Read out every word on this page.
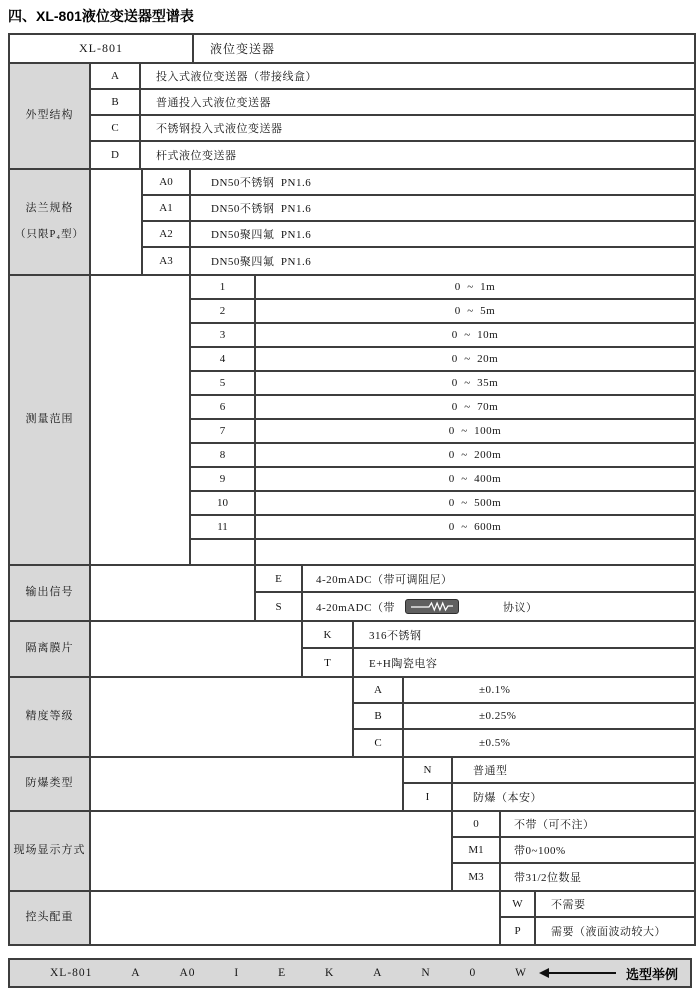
四、XL-801液位变送器型谱表
XL-801	液位变送器
外型结构
A	投入式液位变送器（带接线盒）
B	普通投入式液位变送器
C	不锈钢投入式液位变送器
D	杆式液位变送器
法兰规格
（只限P₄型）
A0	DN50不锈钢  PN1.6
A1	DN50不锈钢  PN1.6
A2	DN50聚四氟  PN1.6
A3	DN50聚四氟  PN1.6
测量范围
1	0  ~  1m
2	0  ~  5m
3	0  ~  10m
4	0  ~  20m
5	0  ~  35m
6	0  ~  70m
7	0  ~  100m
8	0  ~  200m
9	0  ~  400m
10	0  ~  500m
11	0  ~  600m
输出信号
E	4-20mADC（带可调阻尼）
S	4-20mADC（带	协议）
隔离膜片
K	316不锈钢
T	E+H陶瓷电容
精度等级
A	±0.1%
B	±0.25%
C	±0.5%
防爆类型
N	普通型
I	防爆（本安）
现场显示方式
0	不带（可不注）
M1	带0~100%
M3	带31/2位数显
控头配重
W	不需要
P	需要（液面波动较大）
XL-801	A	A0	I	E	K	A	N	0	W	选型举例
